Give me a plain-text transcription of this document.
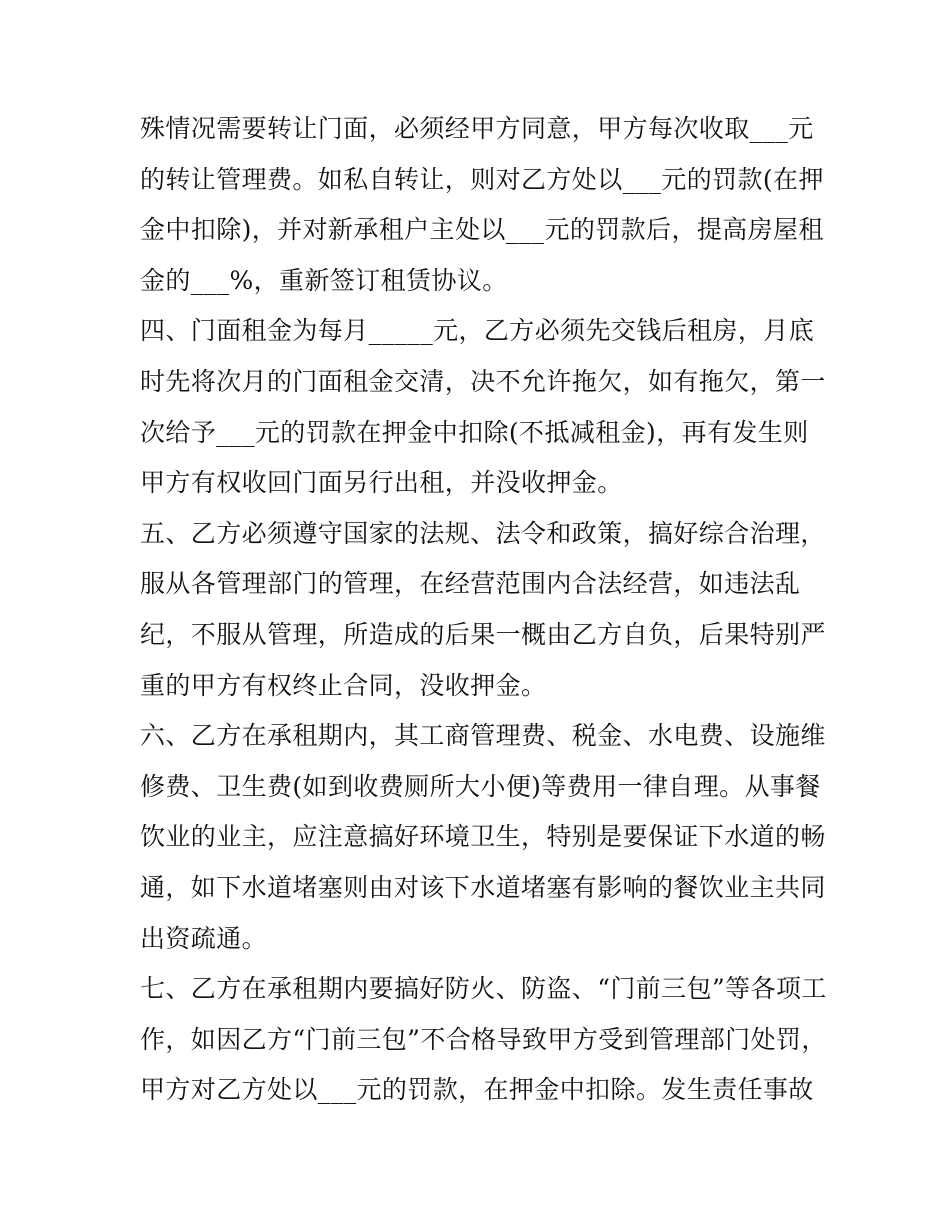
殊情况需要转让门面，必须经甲方同意，甲方每次收取___元
的转让管理费。如私自转让，则对乙方处以___元的罚款(在押
金中扣除)，并对新承租户主处以___元的罚款后，提高房屋租
金的___%，重新签订租赁协议。
四、门面租金为每月_____元，乙方必须先交钱后租房，月底
时先将次月的门面租金交清，决不允许拖欠，如有拖欠，第一
次给予___元的罚款在押金中扣除(不抵减租金)，再有发生则
甲方有权收回门面另行出租，并没收押金。
五、乙方必须遵守国家的法规、法令和政策，搞好综合治理，
服从各管理部门的管理，在经营范围内合法经营，如违法乱
纪，不服从管理，所造成的后果一概由乙方自负，后果特别严
重的甲方有权终止合同，没收押金。
六、乙方在承租期内，其工商管理费、税金、水电费、设施维
修费、卫生费(如到收费厕所大小便)等费用一律自理。从事餐
饮业的业主，应注意搞好环境卫生，特别是要保证下水道的畅
通，如下水道堵塞则由对该下水道堵塞有影响的餐饮业主共同
出资疏通。
七、乙方在承租期内要搞好防火、防盗、“门前三包”等各项工
作，如因乙方“门前三包”不合格导致甲方受到管理部门处罚，
甲方对乙方处以___元的罚款，在押金中扣除。发生责任事故
